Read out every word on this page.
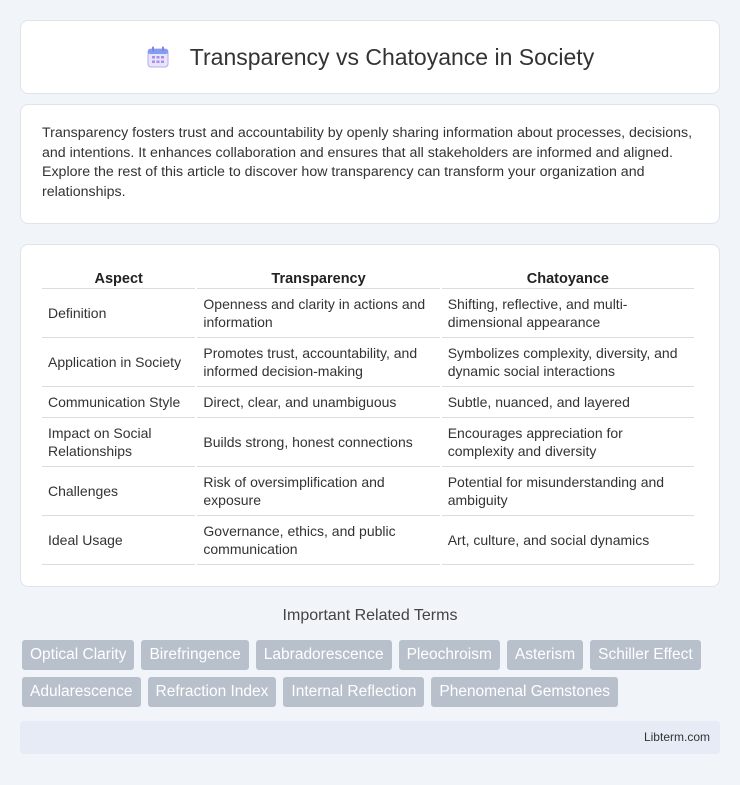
Transparency vs Chatoyance in Society

Transparency fosters trust and accountability by openly sharing information about processes, decisions, and intentions. It enhances collaboration and ensures that all stakeholders are informed and aligned. Explore the rest of this article to discover how transparency can transform your organization and relationships.

Aspect	Transparency	Chatoyance
Definition	Openness and clarity in actions and information	Shifting, reflective, and multi-dimensional appearance
Application in Society	Promotes trust, accountability, and informed decision-making	Symbolizes complexity, diversity, and dynamic social interactions
Communication Style	Direct, clear, and unambiguous	Subtle, nuanced, and layered
Impact on Social Relationships	Builds strong, honest connections	Encourages appreciation for complexity and diversity
Challenges	Risk of oversimplification and exposure	Potential for misunderstanding and ambiguity
Ideal Usage	Governance, ethics, and public communication	Art, culture, and social dynamics
Important Related Terms
Optical Clarity	Birefringence	Labradorescence	Pleochroism	Asterism	Schiller Effect
Adularescence	Refraction Index	Internal Reflection	Phenomenal Gemstones
Libterm.com
